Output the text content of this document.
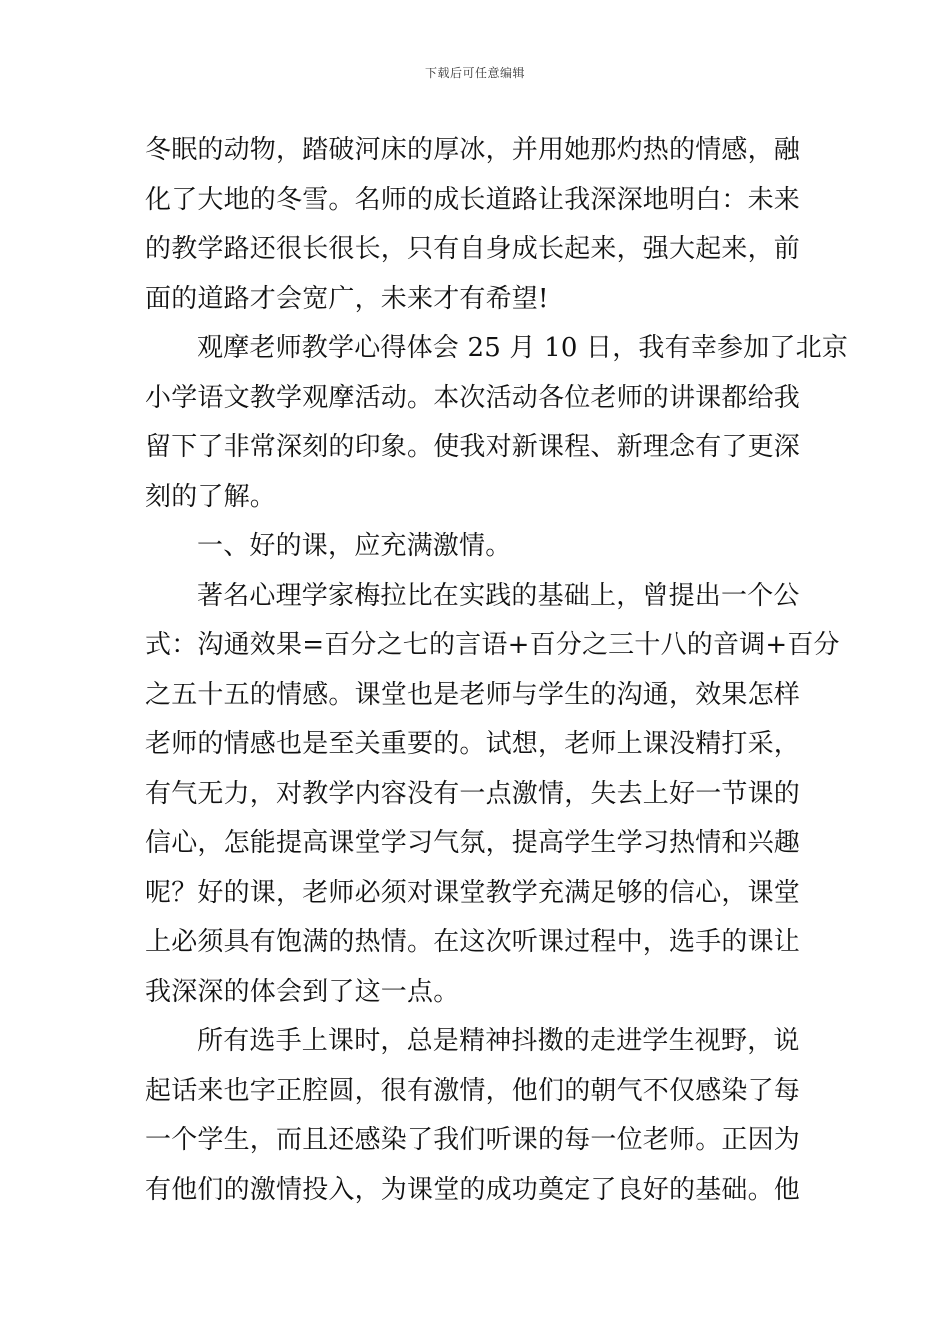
下载后可任意编辑
冬眠的动物，踏破河床的厚冰，并用她那灼热的情感，融
化了大地的冬雪。名师的成长道路让我深深地明白：未来
的教学路还很长很长，只有自身成长起来，强大起来，前
面的道路才会宽广，未来才有希望!
观摩老师教学心得体会 25 月 10 日，我有幸参加了北京
小学语文教学观摩活动。本次活动各位老师的讲课都给我
留下了非常深刻的印象。使我对新课程、新理念有了更深
刻的了解。
一、好的课，应充满激情。
著名心理学家梅拉比在实践的基础上，曾提出一个公
式：沟通效果=百分之七的言语+百分之三十八的音调+百分
之五十五的情感。课堂也是老师与学生的沟通，效果怎样
老师的情感也是至关重要的。试想，老师上课没精打采，
有气无力，对教学内容没有一点激情，失去上好一节课的
信心，怎能提高课堂学习气氛，提高学生学习热情和兴趣
呢？好的课，老师必须对课堂教学充满足够的信心，课堂
上必须具有饱满的热情。在这次听课过程中，选手的课让
我深深的体会到了这一点。
所有选手上课时，总是精神抖擞的走进学生视野，说
起话来也字正腔圆，很有激情，他们的朝气不仅感染了每
一个学生，而且还感染了我们听课的每一位老师。正因为
有他们的激情投入，为课堂的成功奠定了良好的基础。他
